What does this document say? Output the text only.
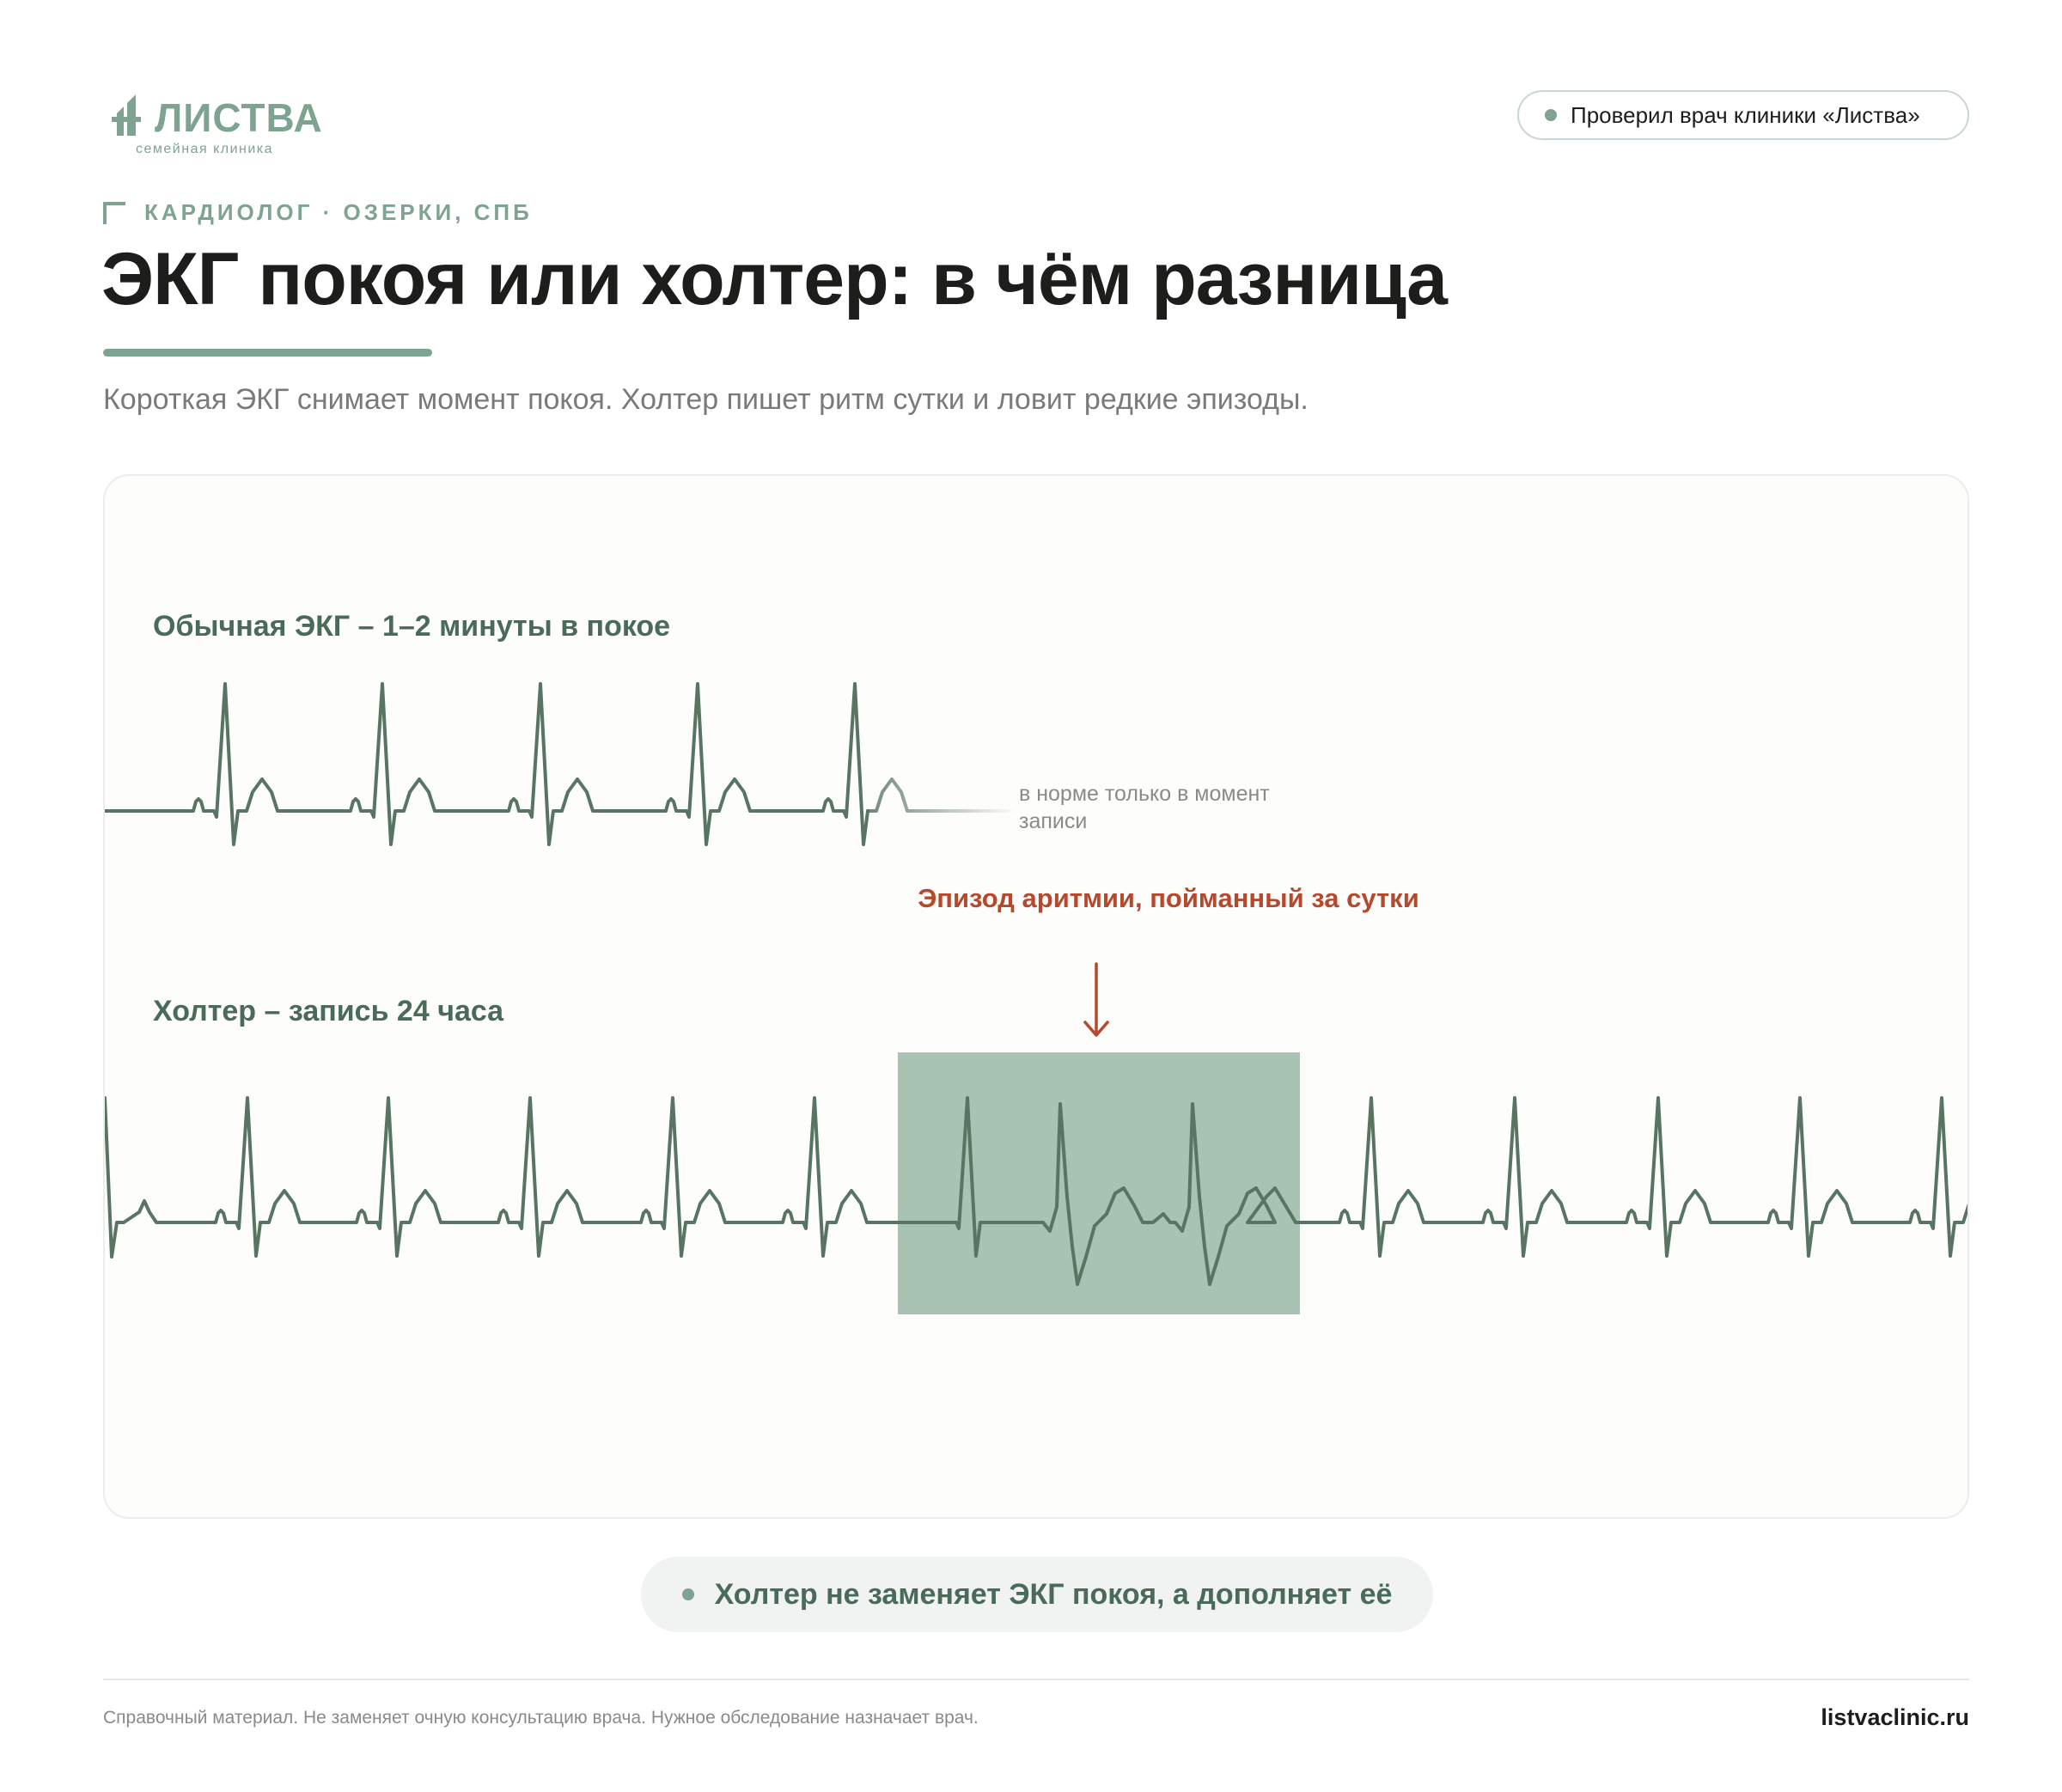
ЛИСТВА
семейная клиника
Проверил врач клиники «Листва»
КАРДИОЛОГ · ОЗЕРКИ, СПБ
ЭКГ покоя или холтер: в чём разница

Короткая ЭКГ снимает момент покоя. Холтер пишет ритм сутки и ловит редкие эпизоды.

Обычная ЭКГ – 1–2 минуты в покое
в норме только в момент записи
Эпизод аритмии, пойманный за сутки
Холтер – запись 24 часа
Холтер не заменяет ЭКГ покоя, а дополняет её
Справочный материал. Не заменяет очную консультацию врача. Нужное обследование назначает врач.	listvaclinic.ru
